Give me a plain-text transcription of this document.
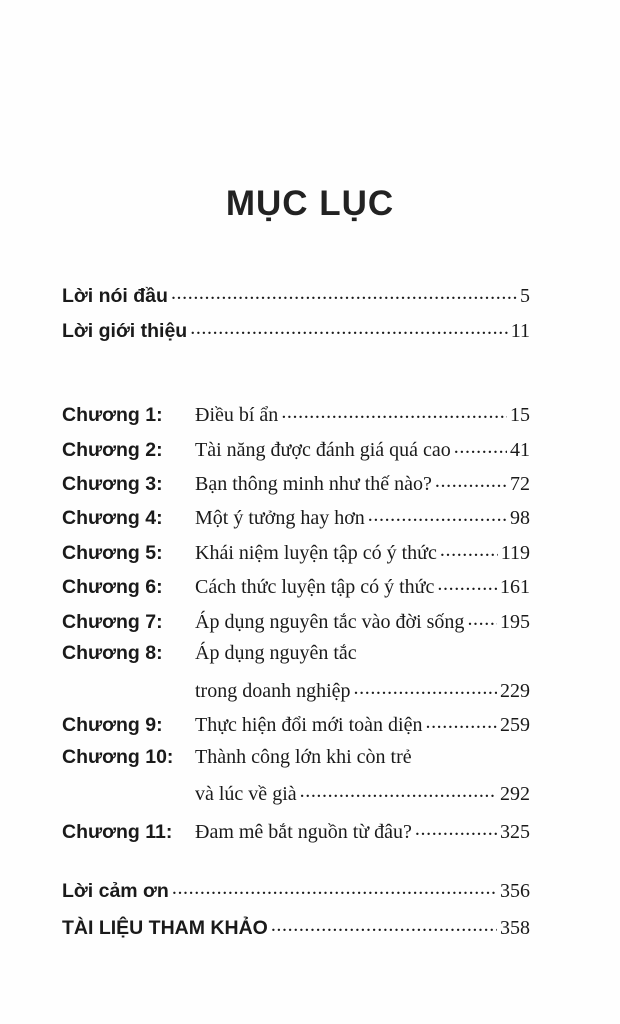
MỤC LỤC
Lời nói đầu .....	5
Lời giới thiệu .....	11
Chương 1:	Điều bí ẩn .....	15
Chương 2:	Tài năng được đánh giá quá cao .....	41
Chương 3:	Bạn thông minh như thế nào? .....	72
Chương 4:	Một ý tưởng hay hơn .....	98
Chương 5:	Khái niệm luyện tập có ý thức .....	119
Chương 6:	Cách thức luyện tập có ý thức .....	161
Chương 7:	Áp dụng nguyên tắc vào đời sống ..... 195
Chương 8:	Áp dụng nguyên tắc
trong doanh nghiệp .....	229
Chương 9:	Thực hiện đổi mới toàn diện .....	259
Chương 10:	Thành công lớn khi còn trẻ
và lúc về già .....	292
Chương 11:	Đam mê bắt nguồn từ đâu? .....	325
Lời cảm ơn .....	356
TÀI LIỆU THAM KHẢO .....	358
